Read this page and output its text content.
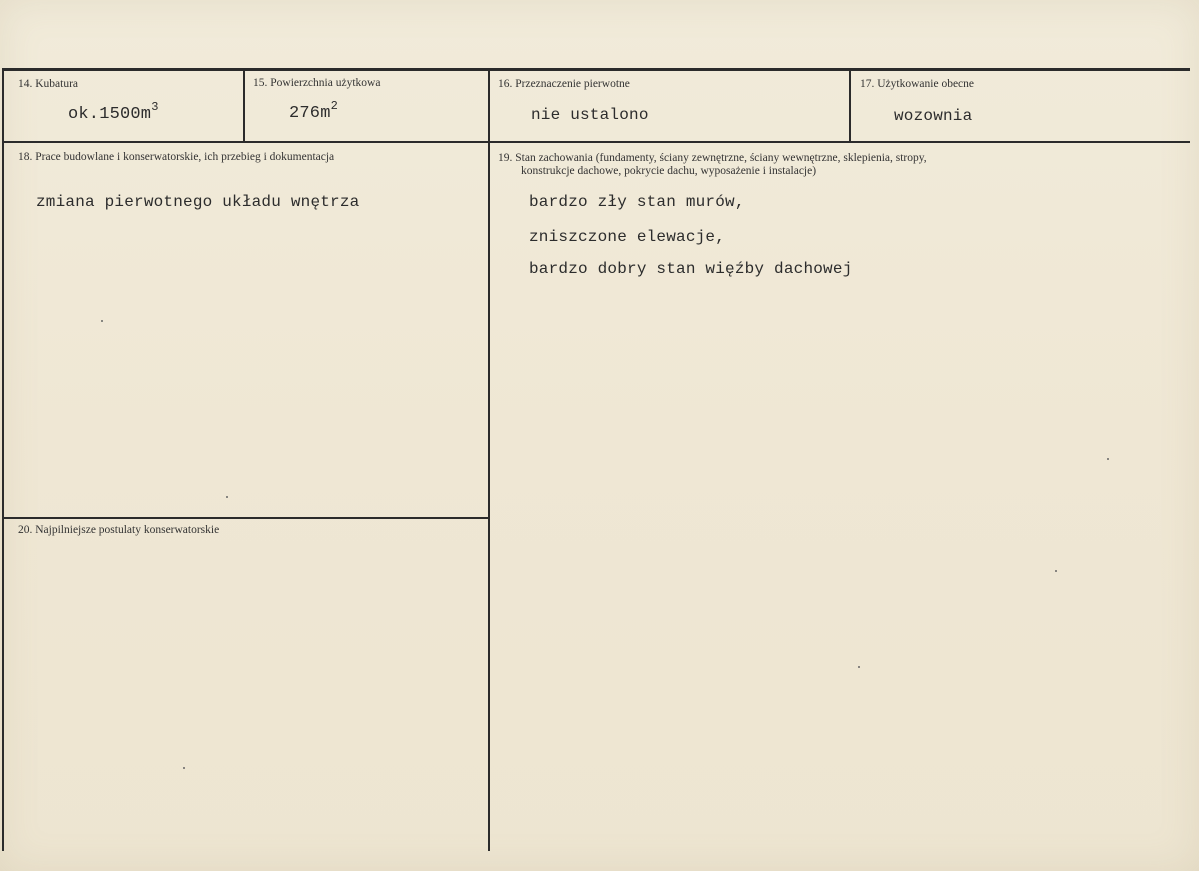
14. Kubatura
$ok.1500m^3$
15. Powierzchnia użytkowa
$276m^2$
16. Przeznaczenie pierwotne
nie ustalono
17. Użytkowanie obecne
wozownia
18. Prace budowlane i konserwatorskie, ich przebieg i dokumentacja
zmiana pierwotnego układu wnętrza
19. Stan zachowania (fundamenty, ściany zewnętrzne, ściany wewnętrzne, sklepienia, stropy,
konstrukcje dachowe, pokrycie dachu, wyposażenie i instalacje)
bardzo zły stan murów,
zniszczone elewacje,
bardzo dobry stan więźby dachowej
20. Najpilniejsze postulaty konserwatorskie
